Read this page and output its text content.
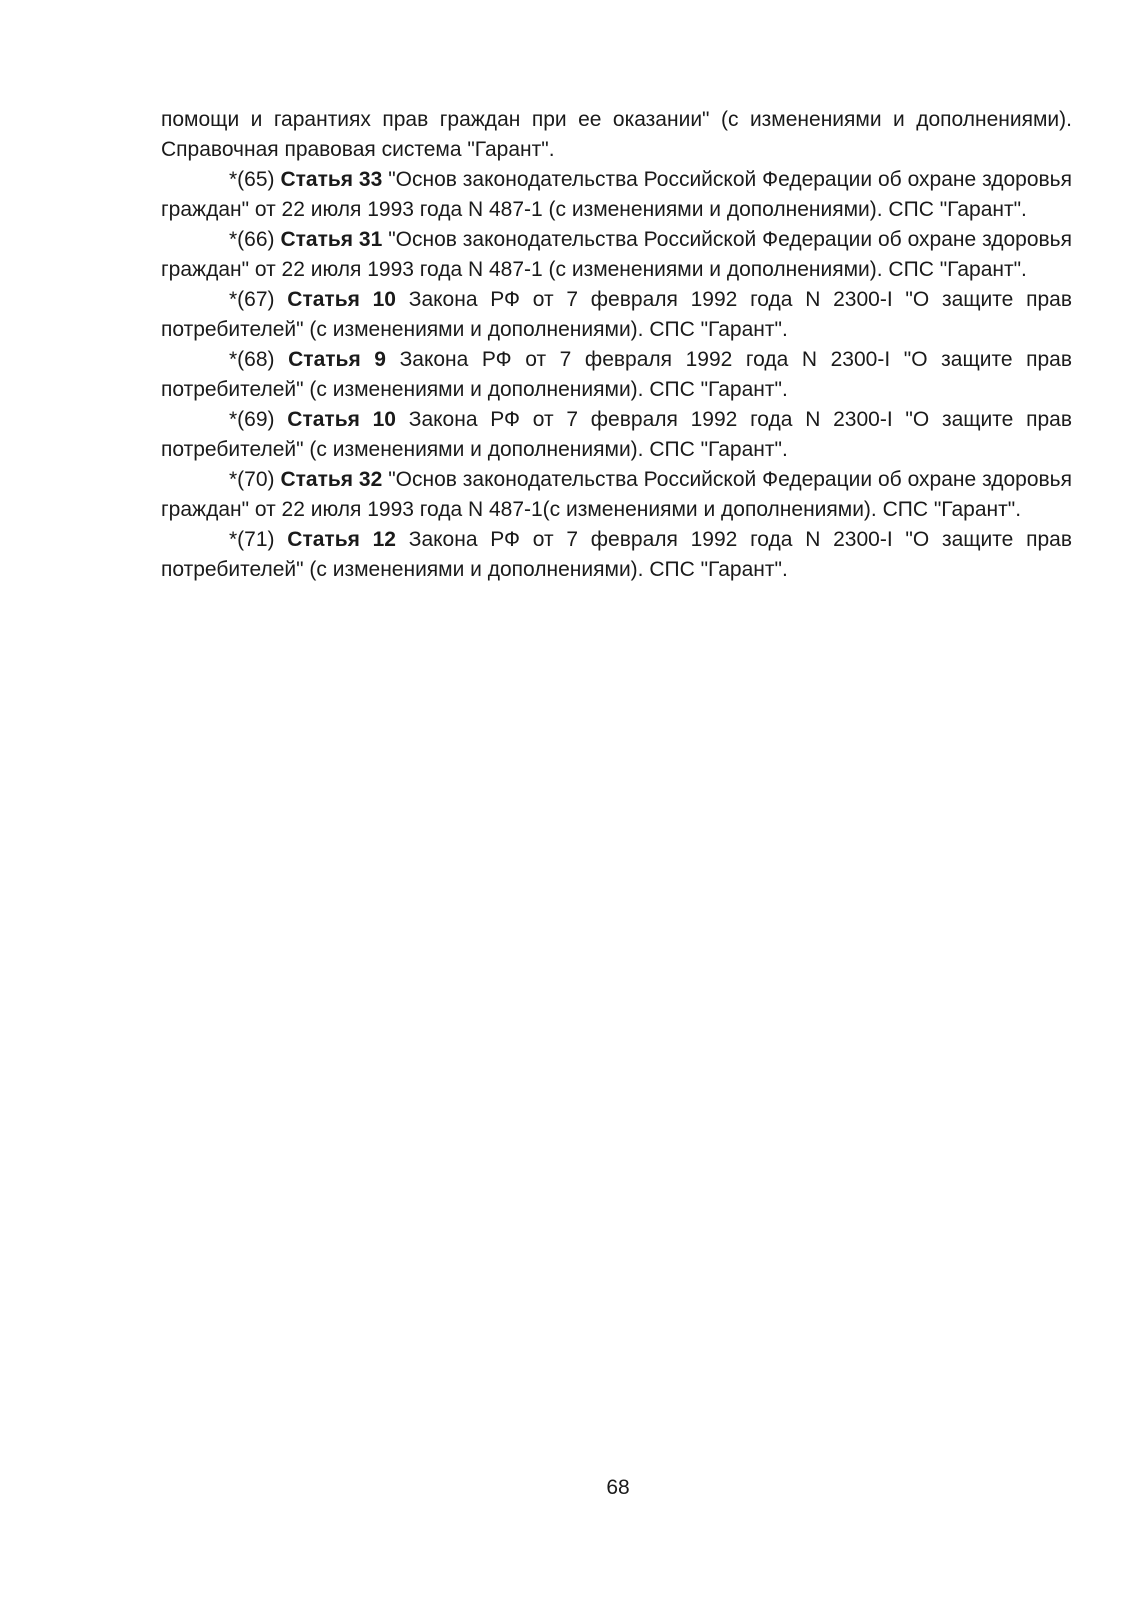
помощи и гарантиях прав граждан при ее оказании" (с изменениями и дополнениями). Справочная правовая система "Гарант".

*(65) Статья 33 "Основ законодательства Российской Федерации об охране здоровья граждан" от 22 июля 1993 года N 487-1 (с изменениями и дополнениями). СПС "Гарант".

*(66) Статья 31 "Основ законодательства Российской Федерации об охране здоровья граждан" от 22 июля 1993 года N 487-1 (с изменениями и дополнениями). СПС "Гарант".

*(67) Статья 10 Закона РФ от 7 февраля 1992 года N 2300-I "О защите прав потребителей" (с изменениями и дополнениями). СПС "Гарант".

*(68) Статья 9 Закона РФ от 7 февраля 1992 года N 2300-I "О защите прав потребителей" (с изменениями и дополнениями). СПС "Гарант".

*(69) Статья 10 Закона РФ от 7 февраля 1992 года N 2300-I "О защите прав потребителей" (с изменениями и дополнениями). СПС "Гарант".

*(70) Статья 32 "Основ законодательства Российской Федерации об охране здоровья граждан" от 22 июля 1993 года N 487-1(с изменениями и дополнениями). СПС "Гарант".

*(71) Статья 12 Закона РФ от 7 февраля 1992 года N 2300-I "О защите прав потребителей" (с изменениями и дополнениями). СПС "Гарант".

68
